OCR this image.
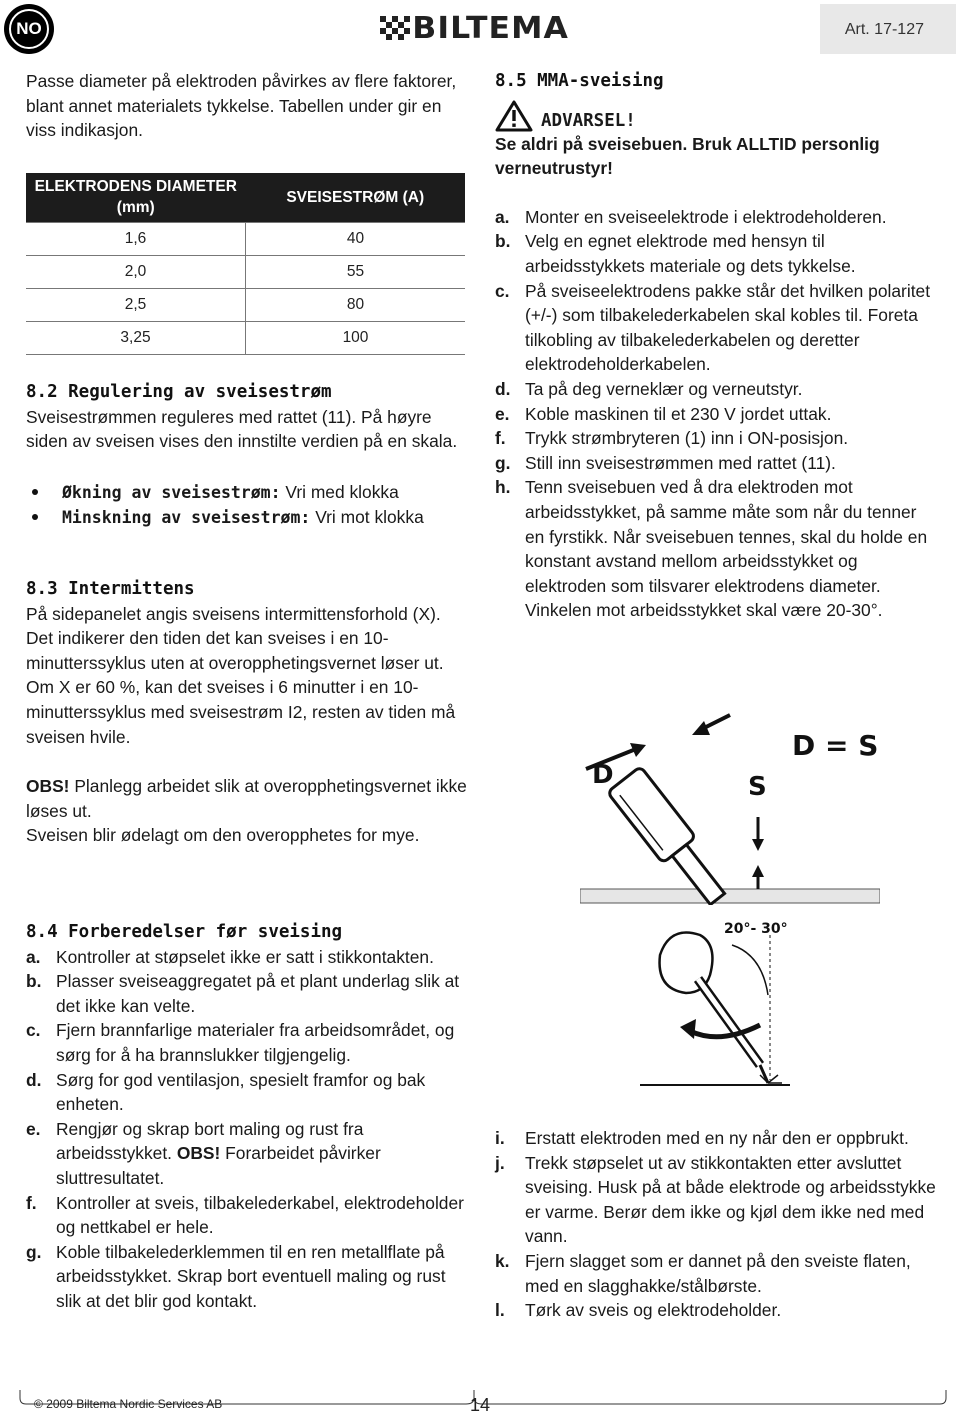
NO	BILTEMA	Art. 17-127

Passe diameter på elektroden påvirkes av flere faktorer, blant annet materialets tykkelse. Tabellen under gir en viss indikasjon.

ELEKTRODENS DIAMETER (mm)	SVEISESTRØM (A)
1,6	40
2,0	55
2,5	80
3,25	100
8.2 Regulering av sveisestrøm

Sveisestrømmen reguleres med rattet (11). På høyre siden av sveisen vises den innstilte verdien på en skala.

Økning av sveisestrøm: Vri med klokka
Minskning av sveisestrøm: Vri mot klokka
8.3 Intermittens

På sidepanelet angis sveisens intermittensforhold (X). Det indikerer den tiden det kan sveises i en 10-minutterssyklus uten at overopphetingsvernet løser ut. Om X er 60 %, kan det sveises i 6 minutter i en 10-minutterssyklus med sveisestrøm I2, resten av tiden må sveisen hvile.

OBS! Planlegg arbeidet slik at overopphetingsvernet ikke løses ut.

Sveisen blir ødelagt om den overopphetes for mye.

8.4 Forberedelser før sveising
a. Kontroller at støpselet ikke er satt i stikkontakten.
b. Plasser sveiseaggregatet på et plant underlag slik at det ikke kan velte.
c. Fjern brannfarlige materialer fra arbeidsområdet, og sørg for å ha brannslukker tilgjengelig.
d. Sørg for god ventilasjon, spesielt framfor og bak enheten.
e. Rengjør og skrap bort maling og rust fra arbeidsstykket. OBS! Forarbeidet påvirker sluttresultatet.
f. Kontroller at sveis, tilbakelederkabel, elektrodeholder og nettkabel er hele.
g. Koble tilbakelederklemmen til en ren metallflate på arbeidsstykket. Skrap bort eventuell maling og rust slik at det blir god kontakt.
8.5 MMA-sveising
ADVARSEL!

Se aldri på sveisebuen. Bruk ALLTID personlig verneutrustyr!

a. Monter en sveiseelektrode i elektrodeholderen.
b. Velg en egnet elektrode med hensyn til arbeidsstykkets materiale og dets tykkelse.
c. På sveiseelektrodens pakke står det hvilken polaritet (+/-) som tilbakelederkabelen skal kobles til. Foreta tilkobling av tilbakelederkabelen og deretter elektrodeholderkabelen.
d. Ta på deg verneklær og verneutstyr.
e. Koble maskinen til et 230 V jordet uttak.
f. Trykk strømbryteren (1) inn i ON-posisjon.
g. Still inn sveisestrømmen med rattet (11).
h. Tenn sveisebuen ved å dra elektroden mot arbeidsstykket, på samme måte som når du tenner en fyrstikk. Når sveisebuen tennes, skal du holde en konstant avstand mellom arbeidsstykket og elektroden som tilsvarer elektrodens diameter. Vinkelen mot arbeidsstykket skal være 20-30°.
D	S
D = S
20°- 30°
i. Erstatt elektroden med en ny når den er oppbrukt.
j. Trekk støpselet ut av stikkontakten etter avsluttet sveising. Husk på at både elektrode og arbeidsstykke er varme. Berør dem ikke og kjøl dem ikke ned med vann.
k. Fjern slagget som er dannet på den sveiste flaten, med en slagghakke/stålbørste.
l. Tørk av sveis og elektrodeholder.
© 2009 Biltema Nordic Services AB	14
